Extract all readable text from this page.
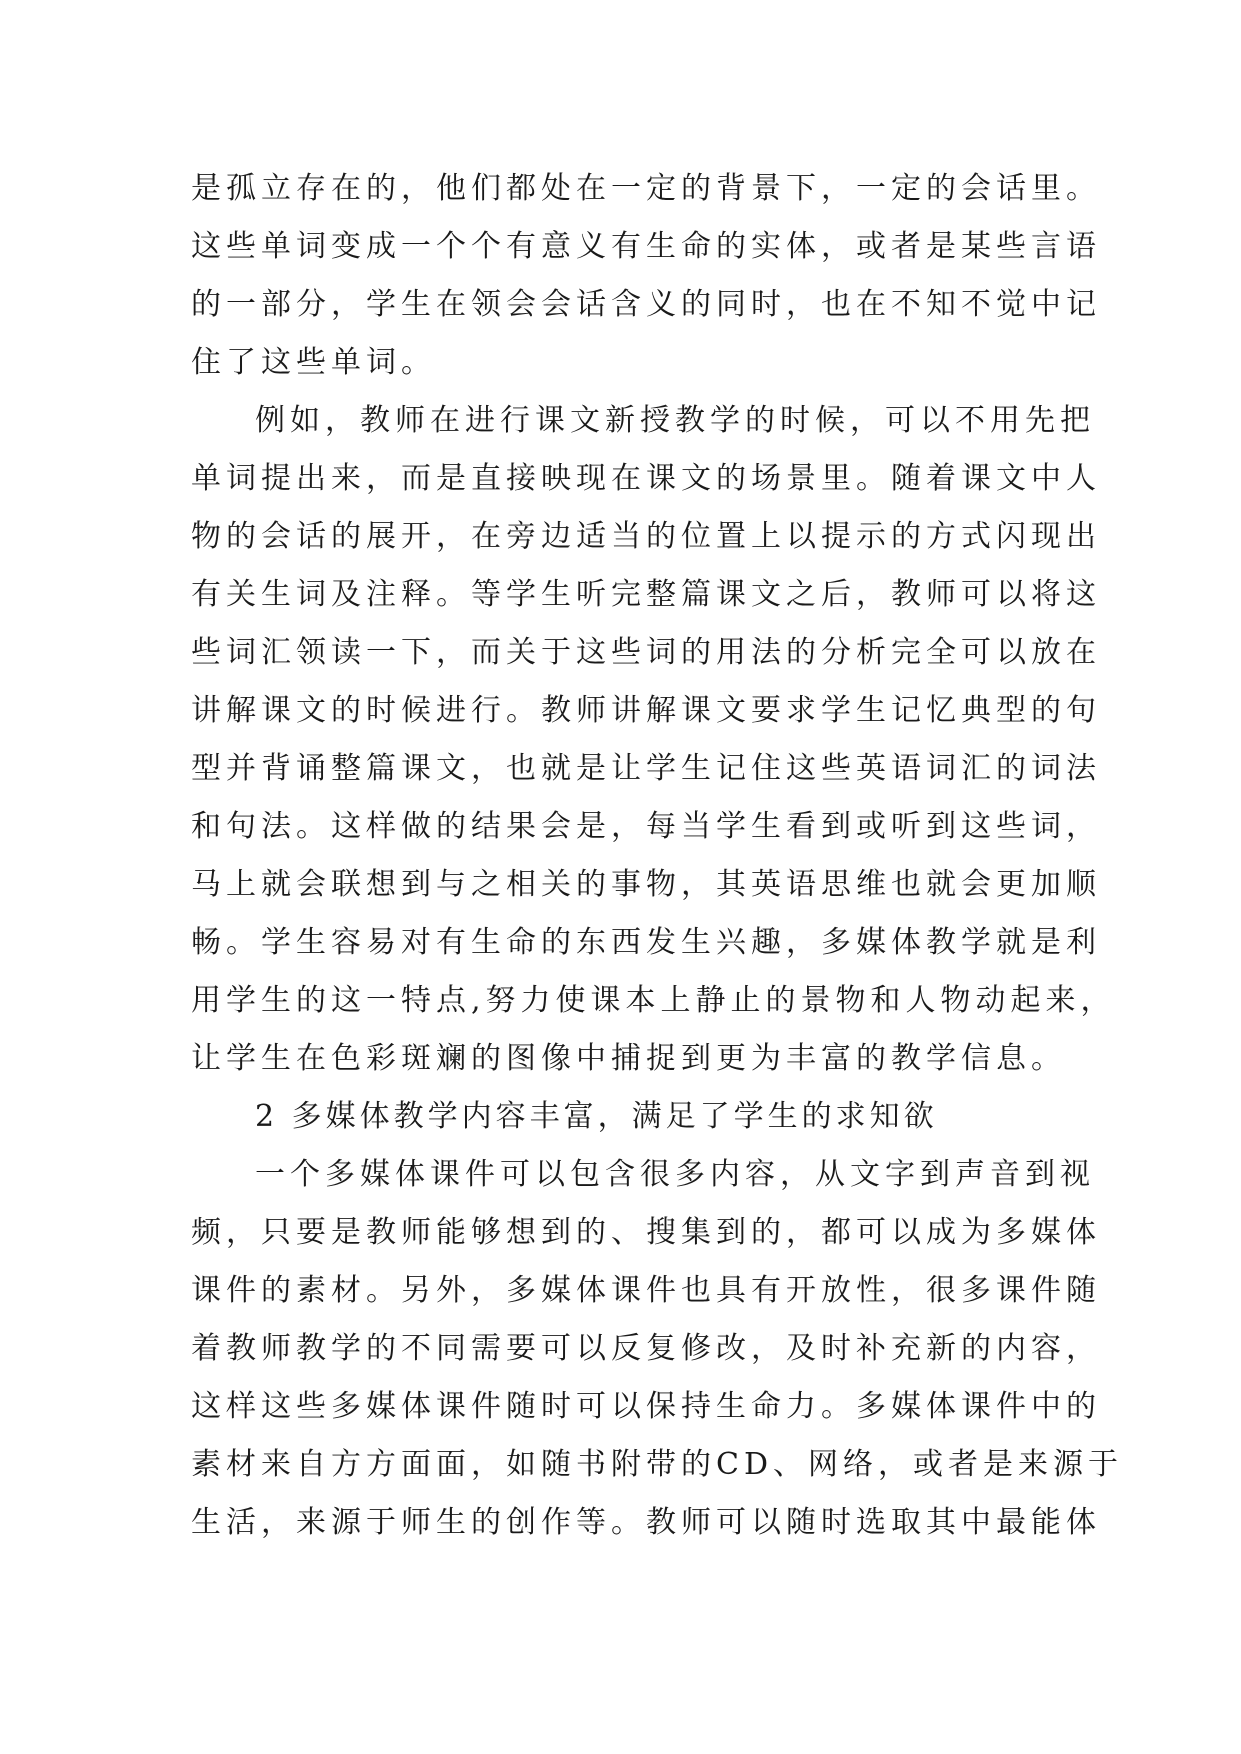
是孤立存在的，他们都处在一定的背景下，一定的会话里。
这些单词变成一个个有意义有生命的实体，或者是某些言语
的一部分，学生在领会会话含义的同时，也在不知不觉中记
住了这些单词。
例如，教师在进行课文新授教学的时候，可以不用先把
单词提出来，而是直接映现在课文的场景里。随着课文中人
物的会话的展开，在旁边适当的位置上以提示的方式闪现出
有关生词及注释。等学生听完整篇课文之后，教师可以将这
些词汇领读一下，而关于这些词的用法的分析完全可以放在
讲解课文的时候进行。教师讲解课文要求学生记忆典型的句
型并背诵整篇课文，也就是让学生记住这些英语词汇的词法
和句法。这样做的结果会是，每当学生看到或听到这些词，
马上就会联想到与之相关的事物，其英语思维也就会更加顺
畅。学生容易对有生命的东西发生兴趣，多媒体教学就是利
用学生的这一特点,努力使课本上静止的景物和人物动起来，
让学生在色彩斑斓的图像中捕捉到更为丰富的教学信息。
2 多媒体教学内容丰富，满足了学生的求知欲
一个多媒体课件可以包含很多内容，从文字到声音到视
频，只要是教师能够想到的、搜集到的，都可以成为多媒体
课件的素材。另外，多媒体课件也具有开放性，很多课件随
着教师教学的不同需要可以反复修改，及时补充新的内容，
这样这些多媒体课件随时可以保持生命力。多媒体课件中的
素材来自方方面面，如随书附带的CD、网络，或者是来源于
生活，来源于师生的创作等。教师可以随时选取其中最能体
